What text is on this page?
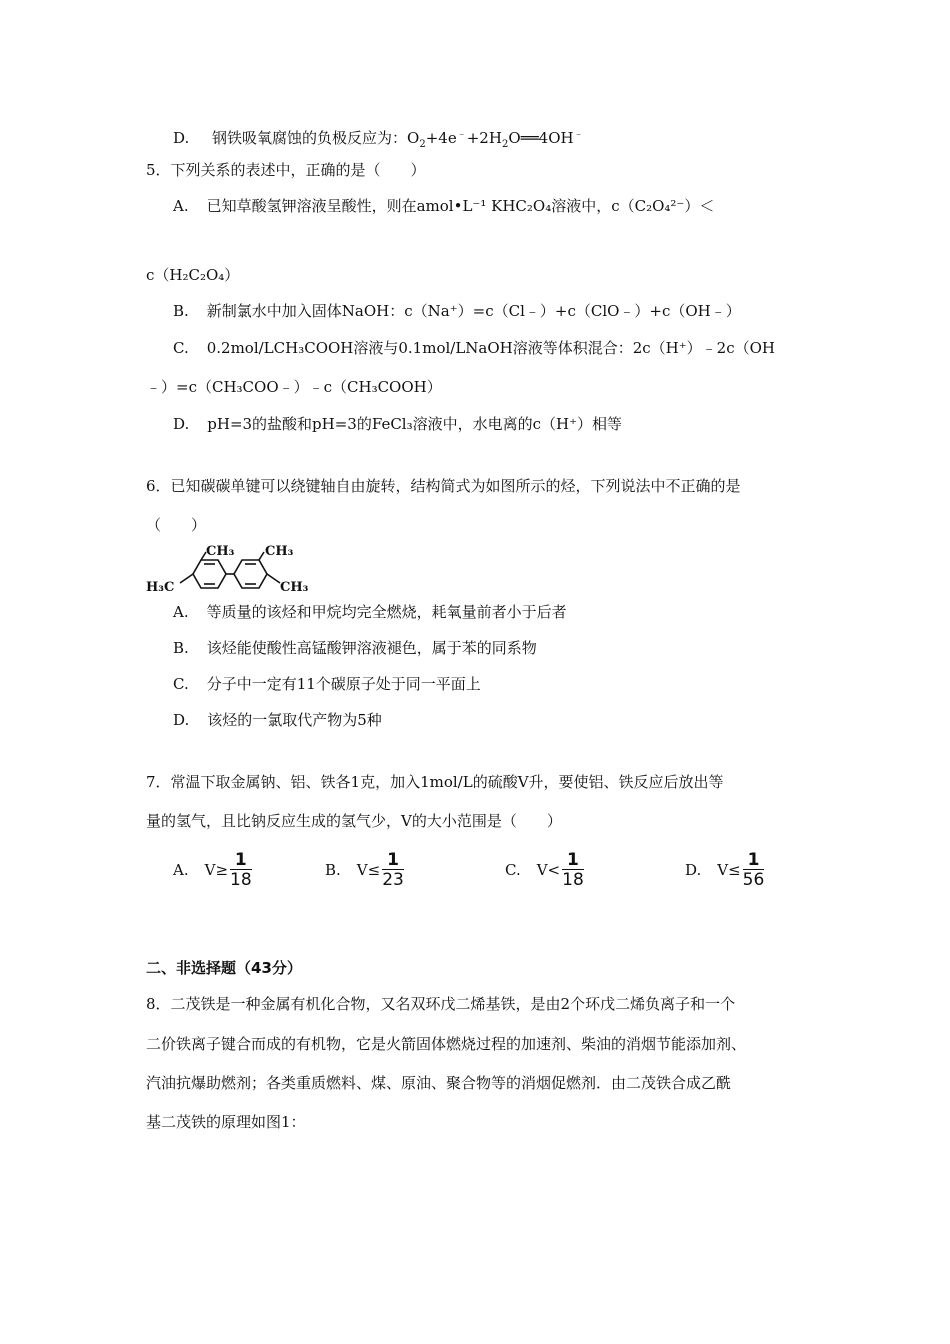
D. 钢铁吸氧腐蚀的负极反应为：$O_2+4e^﹣+2H_2O══4OH^﹣$
5．下列关系的表述中，正确的是（　　）
A. 已知草酸氢钾溶液呈酸性，则在amol•L⁻¹ KHC₂O₄溶液中，c（C₂O₄²⁻）＜
c（H₂C₂O₄）
B. 新制氯水中加入固体NaOH：c（Na⁺）=c（Cl﹣）+c（ClO﹣）+c（OH﹣）
C. 0.2mol/LCH₃COOH溶液与0.1mol/LNaOH溶液等体积混合：2c（H⁺）﹣2c（OH
﹣）=c（CH₃COO﹣）﹣c（CH₃COOH）
D. pH=3的盐酸和pH=3的FeCl₃溶液中，水电离的c（H⁺）相等
6．已知碳碳单键可以绕键轴自由旋转，结构简式为如图所示的烃，下列说法中不正确的是
（　　）
H₃C
CH₃ CH₃
CH₃
A. 等质量的该烃和甲烷均完全燃烧，耗氧量前者小于后者
B. 该烃能使酸性高锰酸钾溶液褪色，属于苯的同系物
C. 分子中一定有11个碳原子处于同一平面上
D. 该烃的一氯取代产物为5种
7．常温下取金属钠、铝、铁各1克，加入1mol/L的硫酸V升，要使铝、铁反应后放出等
量的氢气，且比钠反应生成的氢气少，V的大小范围是（　　）
A. $V\ge \frac{1}{18}$	B. $V\le \frac{1}{23}$	C. $V< \frac{1}{18}$	D. $V\le \frac{1}{56}$
二、非选择题（43分）
8．二茂铁是一种金属有机化合物，又名双环戊二烯基铁，是由2个环戊二烯负离子和一个
二价铁离子键合而成的有机物，它是火箭固体燃烧过程的加速剂、柴油的消烟节能添加剂、
汽油抗爆助燃剂；各类重质燃料、煤、原油、聚合物等的消烟促燃剂．由二茂铁合成乙酰
基二茂铁的原理如图1：
